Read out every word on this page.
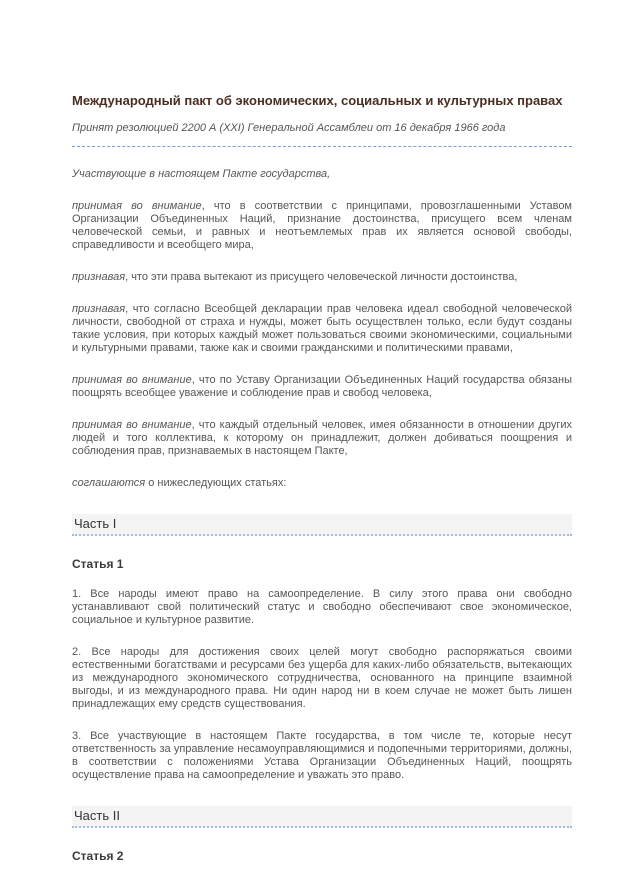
Международный пакт об экономических, социальных и культурных правах

Принят резолюцией 2200 А (XXI) Генеральной Ассамблеи от 16 декабря 1966 года

Участвующие в настоящем Пакте государства,

принимая во внимание, что в соответствии с принципами, провозглашенными Уставом Организации Объединенных Наций, признание достоинства, присущего всем членам человеческой семьи, и равных и неотъемлемых прав их является основой свободы, справедливости и всеобщего мира,

признавая, что эти права вытекают из присущего человеческой личности достоинства,

признавая, что согласно Всеобщей декларации прав человека идеал свободной человеческой личности, свободной от страха и нужды, может быть осуществлен только, если будут созданы такие условия, при которых каждый может пользоваться своими экономическими, социальными и культурными правами, также как и своими гражданскими и политическими правами,

принимая во внимание, что по Уставу Организации Объединенных Наций государства обязаны поощрять всеобщее уважение и соблюдение прав и свобод человека,

принимая во внимание, что каждый отдельный человек, имея обязанности в отношении других людей и того коллектива, к которому он принадлежит, должен добиваться поощрения и соблюдения прав, признаваемых в настоящем Пакте,

соглашаются о нижеследующих статьях:

Часть I
Статья 1

1. Все народы имеют право на самоопределение. В силу этого права они свободно устанавливают свой политический статус и свободно обеспечивают свое экономическое, социальное и культурное развитие.

2. Все народы для достижения своих целей могут свободно распоряжаться своими естественными богатствами и ресурсами без ущерба для каких-либо обязательств, вытекающих из международного экономического сотрудничества, основанного на принципе взаимной выгоды, и из международного права. Ни один народ ни в коем случае не может быть лишен принадлежащих ему средств существования.

3. Все участвующие в настоящем Пакте государства, в том числе те, которые несут ответственность за управление несамоуправляющимися и подопечными территориями, должны, в соответствии с положениями Устава Организации Объединенных Наций, поощрять осуществление права на самоопределение и уважать это право.

Часть II
Статья 2
